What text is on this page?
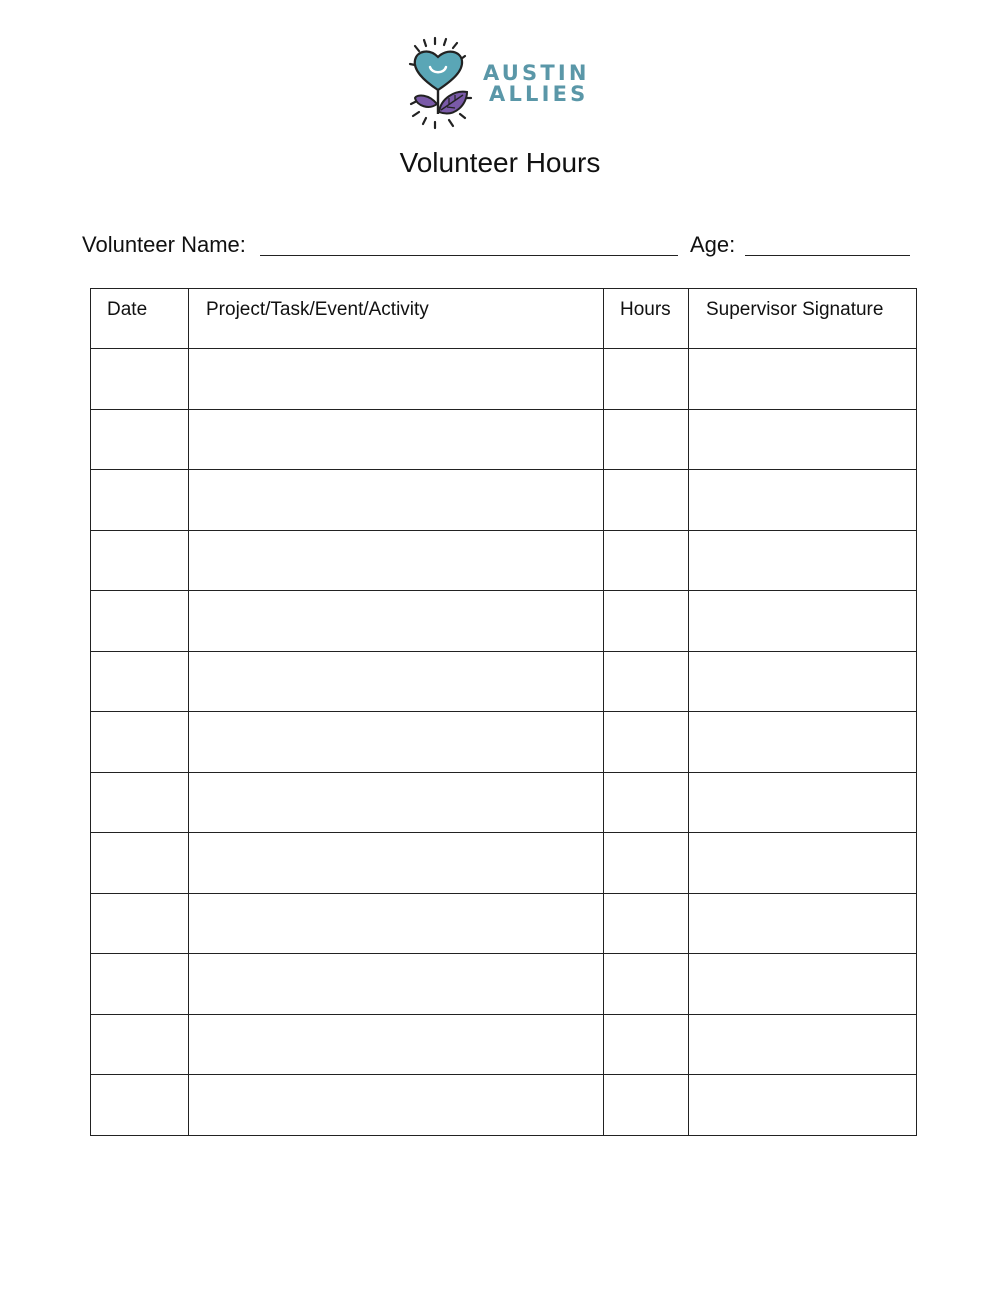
AUSTIN
ALLIES
Volunteer Hours
Volunteer Name:	Age:
Date	Project/Task/Event/Activity	Hours	Supervisor Signature
